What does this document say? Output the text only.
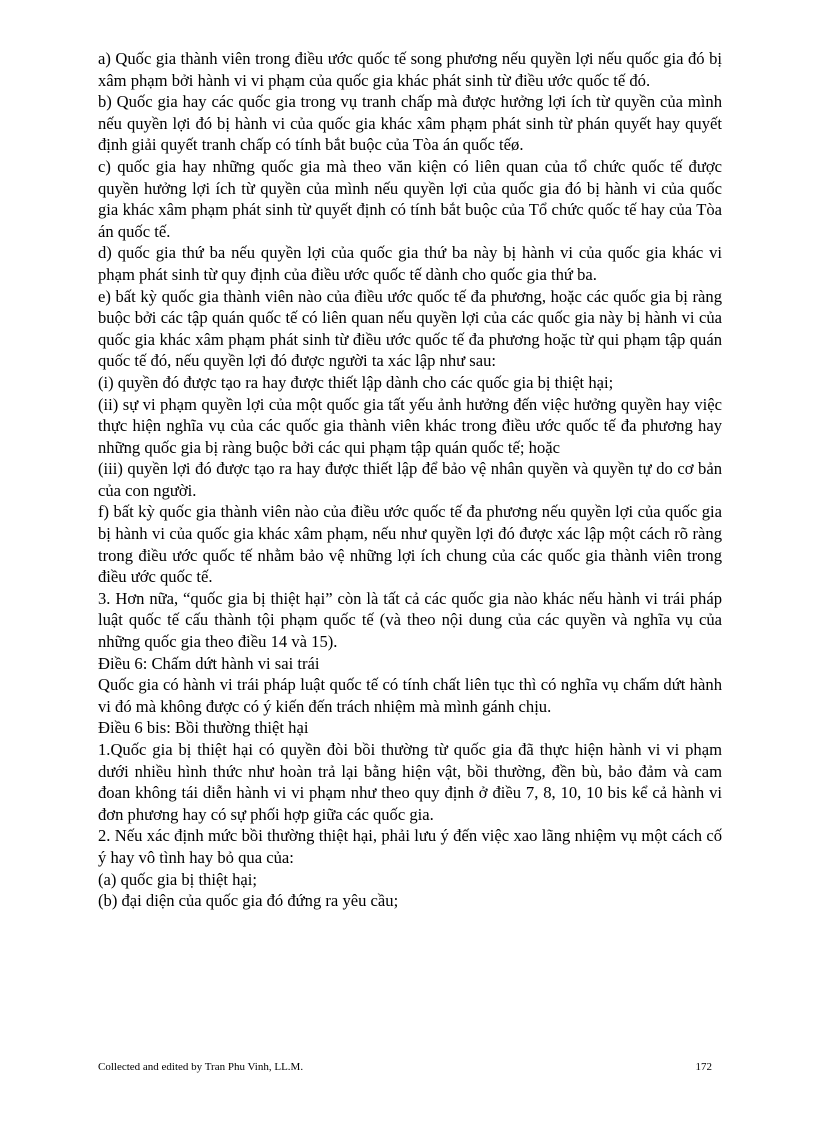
a) Quốc gia thành viên trong điều ước quốc tế song phương nếu quyền lợi nếu quốc gia đó bị xâm phạm bởi hành vi vi phạm của quốc gia khác phát sinh từ điều ước quốc tế đó.

b) Quốc gia hay các quốc gia trong vụ tranh chấp mà được hưởng lợi ích từ quyền của mình nếu quyền lợi đó bị hành vi của quốc gia khác xâm phạm phát sinh từ phán quyết hay quyết định giải quyết tranh chấp có tính bắt buộc của Tòa án quốc tếø.

c) quốc gia hay những quốc gia mà theo văn kiện có liên quan của tổ chức quốc tế được quyền hưởng lợi ích từ quyền của mình nếu quyền lợi của quốc gia đó bị hành vi của quốc gia khác xâm phạm phát sinh từ quyết định có tính bắt buộc của Tổ chức quốc tế hay của Tòa án quốc tế.

d) quốc gia thứ ba nếu quyền lợi của quốc gia thứ ba này bị hành vi của quốc gia khác vi phạm phát sinh từ quy định của điều ước quốc tế dành cho quốc gia thứ ba.

e) bất kỳ quốc gia thành viên nào của điều ước quốc tế đa phương, hoặc các quốc gia bị ràng buộc bởi các tập quán quốc tế có liên quan nếu quyền lợi của các quốc gia này bị hành vi của quốc gia khác xâm phạm phát sinh từ điều ước quốc tế đa phương hoặc từ qui phạm tập quán quốc tế đó, nếu quyền lợi đó được người ta xác lập như sau:

(i) quyền đó được tạo ra hay được thiết lập dành cho các quốc gia bị thiệt hại;

(ii) sự vi phạm quyền lợi của một quốc gia tất yếu ảnh hưởng đến việc hưởng quyền hay việc thực hiện nghĩa vụ của các quốc gia thành viên khác trong điều ước quốc tế đa phương hay những quốc gia bị ràng buộc bởi các qui phạm tập quán quốc tế; hoặc

(iii) quyền lợi đó được tạo ra hay được thiết lập để bảo vệ nhân quyền và quyền tự do cơ bản của con người.

f) bất kỳ quốc gia thành viên nào của điều ước quốc tế đa phương nếu quyền lợi của quốc gia bị hành vi của quốc gia khác xâm phạm, nếu như quyền lợi đó được xác lập một cách rõ ràng trong điều ước quốc tế nhằm bảo vệ những lợi ích chung của các quốc gia thành viên trong điều ước quốc tế.

3. Hơn nữa, “quốc gia bị thiệt hại” còn là tất cả các quốc gia nào khác nếu hành vi trái pháp luật quốc tế cấu thành tội phạm quốc tế (và theo nội dung của các quyền và nghĩa vụ của những quốc gia theo điều 14 và 15).

Điều 6: Chấm dứt hành vi sai trái

Quốc gia có hành vi trái pháp luật quốc tế có tính chất liên tục thì có nghĩa vụ chấm dứt hành vi đó mà không được có ý kiến đến trách nhiệm mà mình gánh chịu.

Điều 6 bis: Bồi thường thiệt hại

1.Quốc gia bị thiệt hại có quyền đòi bồi thường từ quốc gia đã thực hiện hành vi vi phạm dưới nhiều hình thức như hoàn trả lại bằng hiện vật, bồi thường, đền bù, bảo đảm và cam đoan không tái diễn hành vi vi phạm như theo quy định ở điều 7, 8, 10, 10 bis kể cả hành vi đơn phương hay có sự phối hợp giữa các quốc gia.

2. Nếu xác định mức bồi thường thiệt hại, phải lưu ý đến việc xao lãng nhiệm vụ một cách cố ý hay vô tình hay bỏ qua của:

(a) quốc gia bị thiệt hại;

(b) đại diện của quốc gia đó đứng ra yêu cầu;

Collected and edited by Tran Phu Vinh, LL.M.	172
